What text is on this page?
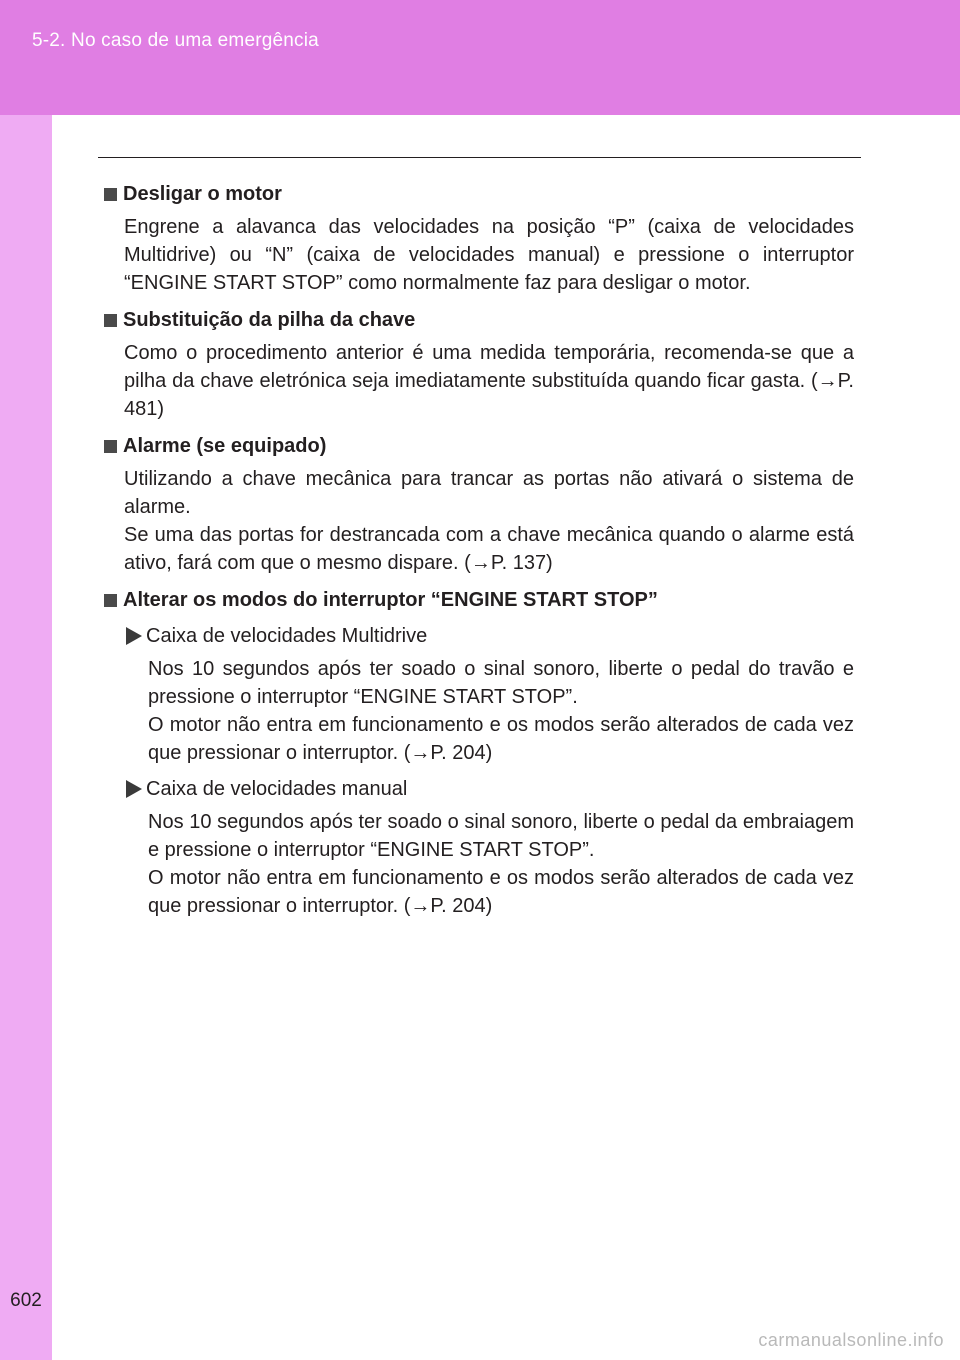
5-2. No caso de uma emergência
602
Desligar o motor
Engrene a alavanca das velocidades na posição “P” (caixa de velocidades Multidrive) ou “N” (caixa de velocidades manual) e pressione o interruptor “ENGINE START STOP” como normalmente faz para desligar o motor.
Substituição da pilha da chave
Como o procedimento anterior é uma medida temporária, recomenda-se que a pilha da chave eletrónica seja imediatamente substituída quando ficar gasta. (→P. 481)
Alarme (se equipado)
Utilizando a chave mecânica para trancar as portas não ativará o sistema de alarme.
Se uma das portas for destrancada com a chave mecânica quando o alarme está ativo, fará com que o mesmo dispare. (→P. 137)
Alterar os modos do interruptor “ENGINE START STOP”
Caixa de velocidades Multidrive
Nos 10 segundos após ter soado o sinal sonoro, liberte o pedal do travão e pressione o interruptor “ENGINE START STOP”.
O motor não entra em funcionamento e os modos serão alterados de cada vez que pressionar o interruptor. (→P. 204)
Caixa de velocidades manual
Nos 10 segundos após ter soado o sinal sonoro, liberte o pedal da embraiagem e pressione o interruptor “ENGINE START STOP”.
O motor não entra em funcionamento e os modos serão alterados de cada vez que pressionar o interruptor. (→P. 204)
carmanualsonline.info
